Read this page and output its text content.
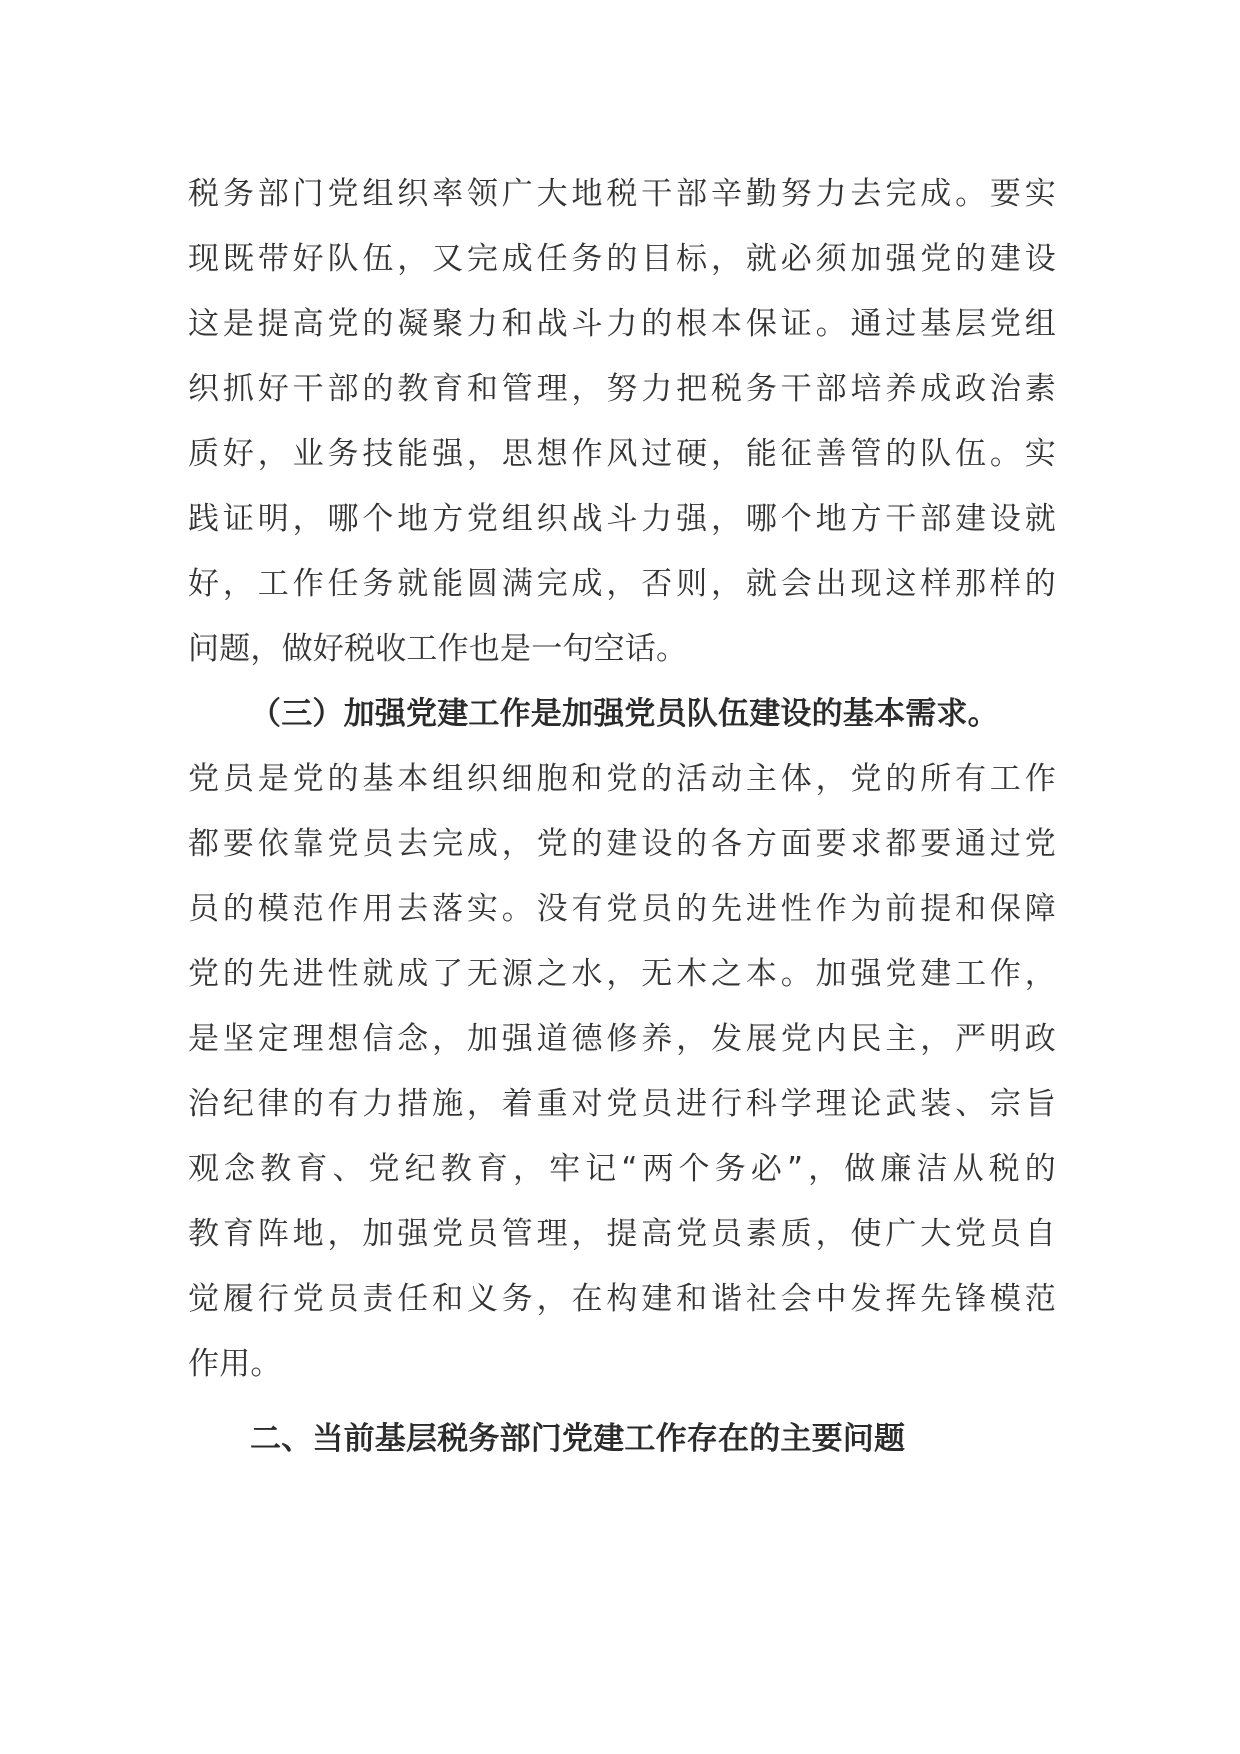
税务部门党组织率领广大地税干部辛勤努力去完成。要实
现既带好队伍，又完成任务的目标，就必须加强党的建设
这是提高党的凝聚力和战斗力的根本保证。通过基层党组
织抓好干部的教育和管理，努力把税务干部培养成政治素
质好，业务技能强，思想作风过硬，能征善管的队伍。实
践证明，哪个地方党组织战斗力强，哪个地方干部建设就
好，工作任务就能圆满完成，否则，就会出现这样那样的
问题，做好税收工作也是一句空话。
（三）加强党建工作是加强党员队伍建设的基本需求。
党员是党的基本组织细胞和党的活动主体，党的所有工作
都要依靠党员去完成，党的建设的各方面要求都要通过党
员的模范作用去落实。没有党员的先进性作为前提和保障
党的先进性就成了无源之水，无木之本。加强党建工作，
是坚定理想信念，加强道德修养，发展党内民主，严明政
治纪律的有力措施，着重对党员进行科学理论武装、宗旨
观念教育、党纪教育，牢记“两个务必”，做廉洁从税的
教育阵地，加强党员管理，提高党员素质，使广大党员自
觉履行党员责任和义务，在构建和谐社会中发挥先锋模范
作用。
二、当前基层税务部门党建工作存在的主要问题
